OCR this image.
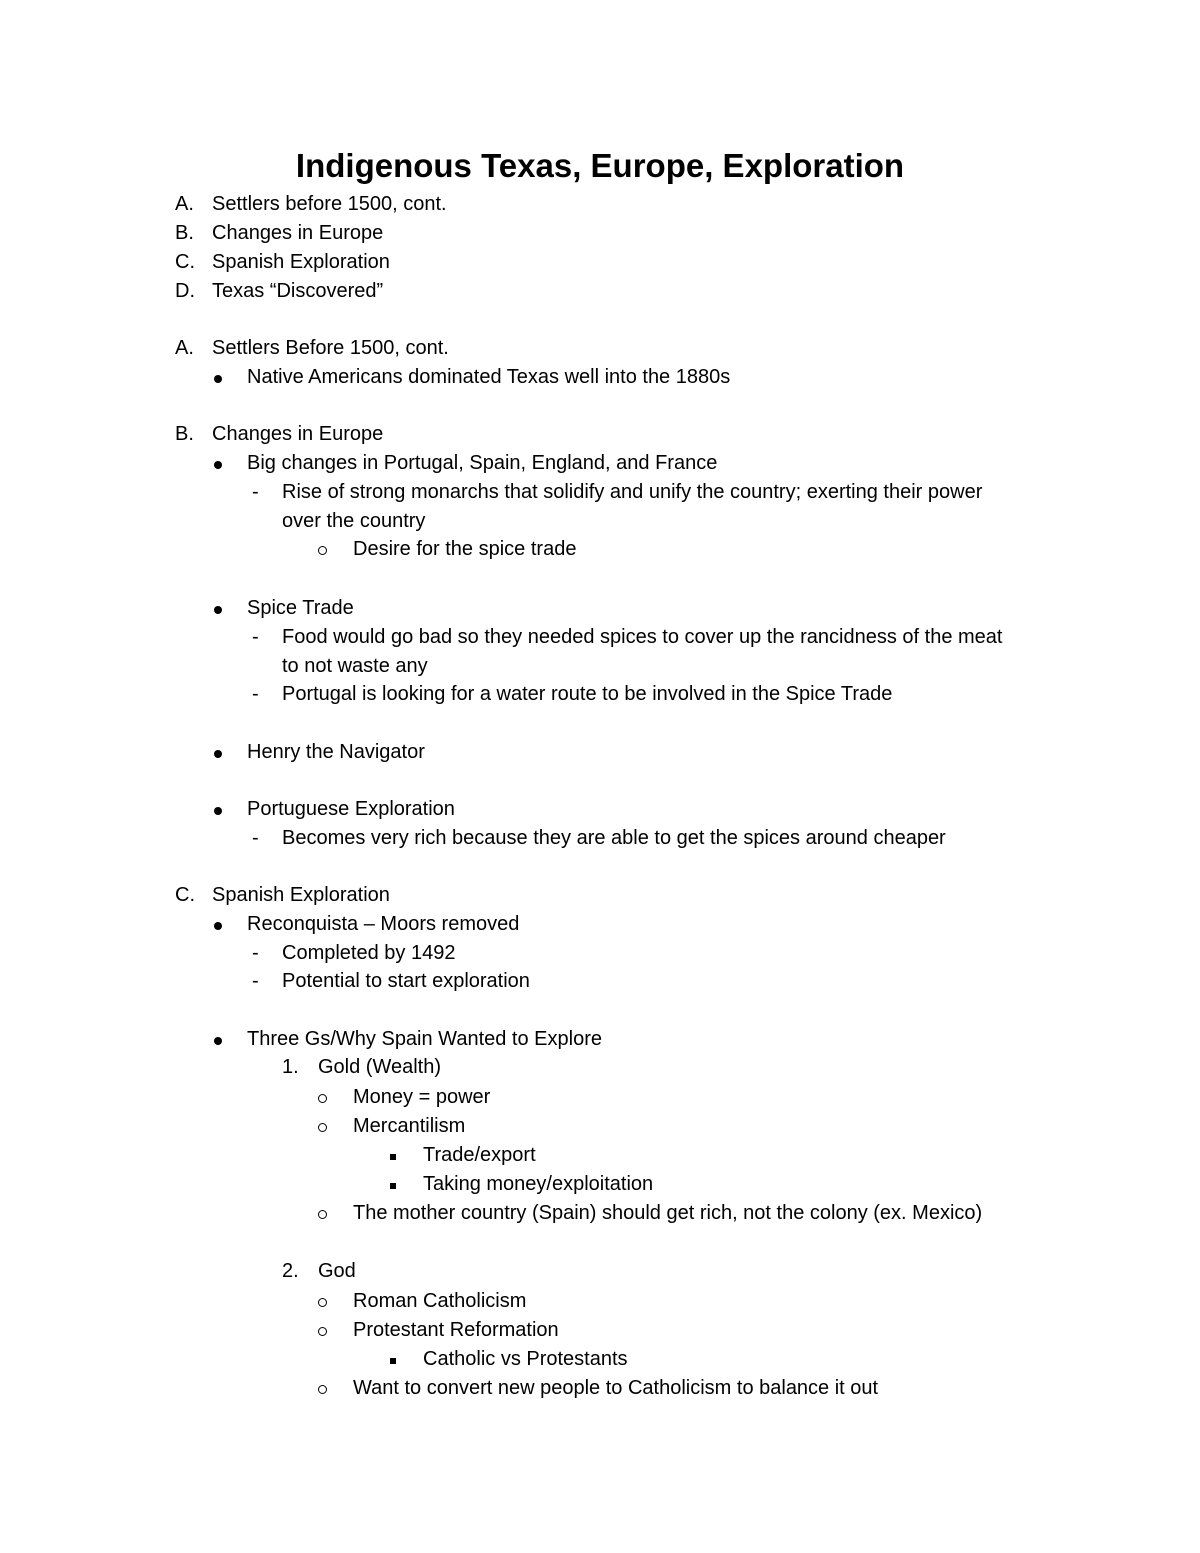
Indigenous Texas, Europe, Exploration
A. Settlers before 1500, cont.
B. Changes in Europe
C. Spanish Exploration
D. Texas “Discovered”
A. Settlers Before 1500, cont.
Native Americans dominated Texas well into the 1880s
B. Changes in Europe
Big changes in Portugal, Spain, England, and France
- Rise of strong monarchs that solidify and unify the country; exerting their power
over the country
Desire for the spice trade
Spice Trade
- Food would go bad so they needed spices to cover up the rancidness of the meat
to not waste any
- Portugal is looking for a water route to be involved in the Spice Trade
Henry the Navigator
Portuguese Exploration
- Becomes very rich because they are able to get the spices around cheaper
C. Spanish Exploration
Reconquista – Moors removed
- Completed by 1492
- Potential to start exploration
Three Gs/Why Spain Wanted to Explore
1. Gold (Wealth)
Money = power
Mercantilism
Trade/export
Taking money/exploitation
The mother country (Spain) should get rich, not the colony (ex. Mexico)
2. God
Roman Catholicism
Protestant Reformation
Catholic vs Protestants
Want to convert new people to Catholicism to balance it out
